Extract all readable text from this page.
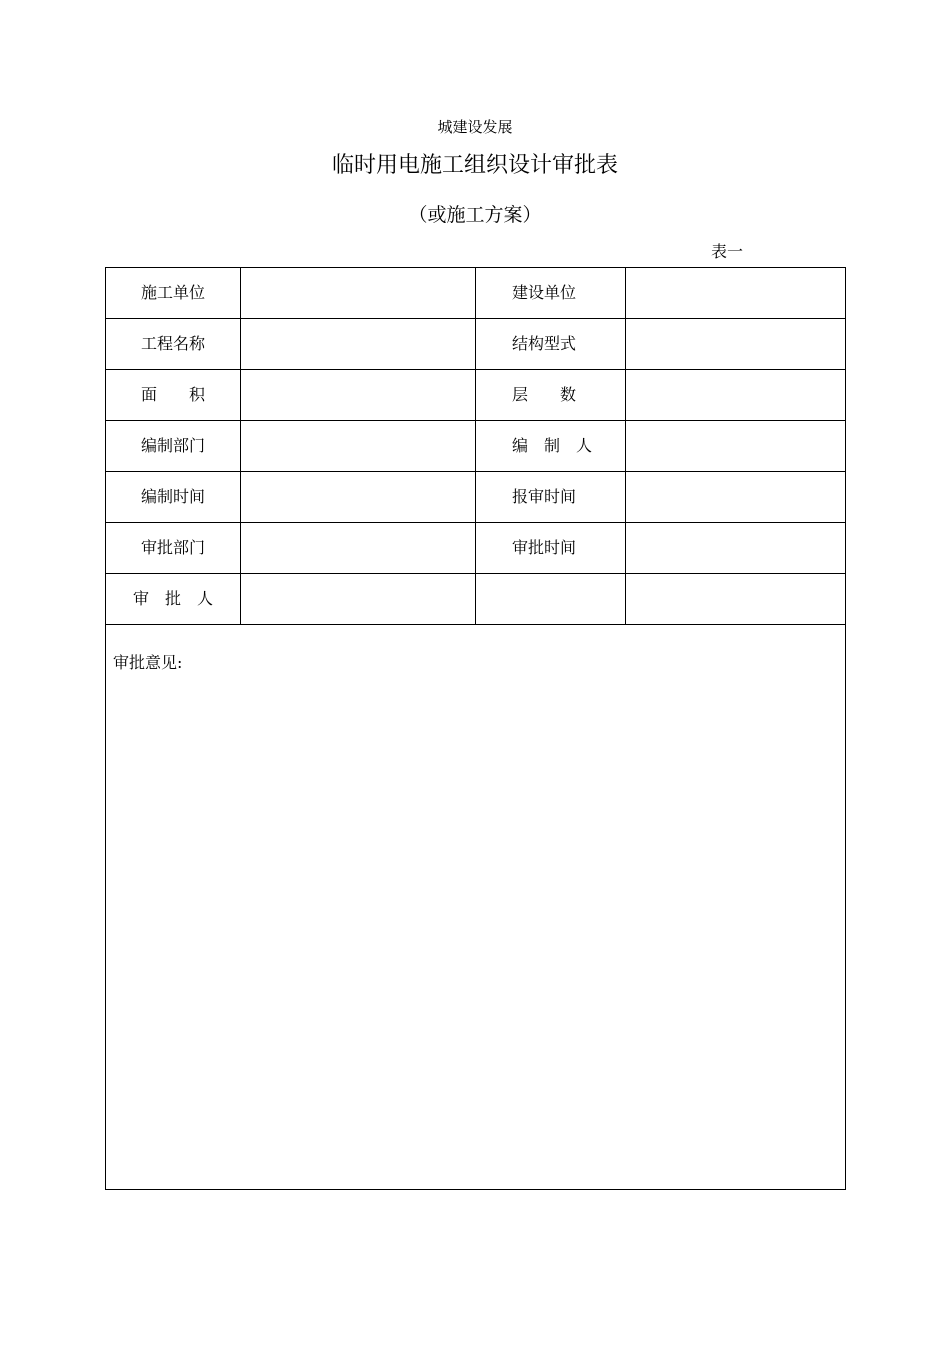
城建设发展
临时用电施工组织设计审批表
（或施工方案）
表一
施工单位		建设单位	
工程名称		结构型式	
面　　积		层　　数	
编制部门		编　制　人	
编制时间		报审时间	
审批部门		审批时间	
审　批　人			

审批意见:			
